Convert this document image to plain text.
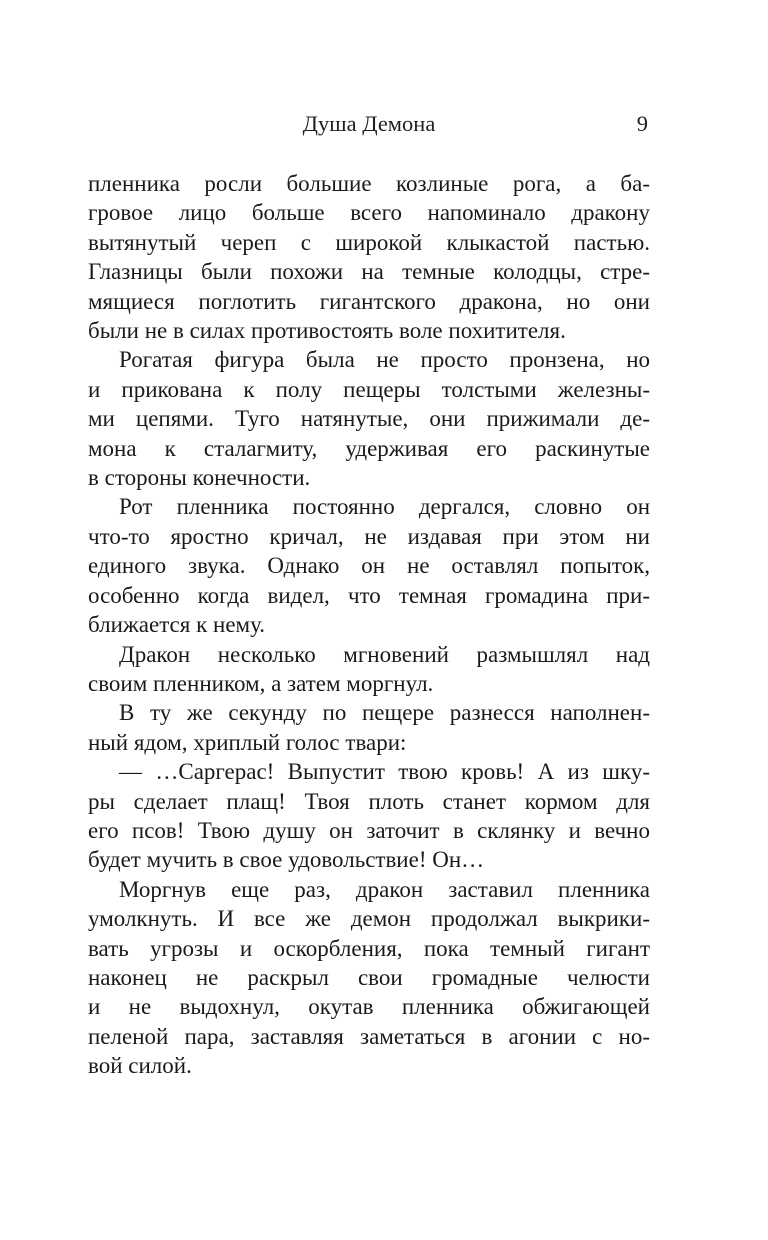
Душа Демона	9
пленника росли большие козлиные рога, а ба-
гровое лицо больше всего напоминало дракону
вытянутый череп с широкой клыкастой пастью.
Глазницы были похожи на темные колодцы, стре-
мящиеся поглотить гигантского дракона, но они
были не в силах противостоять воле похитителя.
Рогатая фигура была не просто пронзена, но
и прикована к полу пещеры толстыми железны-
ми цепями. Туго натянутые, они прижимали де-
мона к сталагмиту, удерживая его раскинутые
в стороны конечности.
Рот пленника постоянно дергался, словно он
что-то яростно кричал, не издавая при этом ни
единого звука. Однако он не оставлял попыток,
особенно когда видел, что темная громадина при-
ближается к нему.
Дракон несколько мгновений размышлял над
своим пленником, а затем моргнул.
В ту же секунду по пещере разнесся наполнен-
ный ядом, хриплый голос твари:
— …Саргерас! Выпустит твою кровь! А из шку-
ры сделает плащ! Твоя плоть станет кормом для
его псов! Твою душу он заточит в склянку и вечно
будет мучить в свое удовольствие! Он…
Моргнув еще раз, дракон заставил пленника
умолкнуть. И все же демон продолжал выкрики-
вать угрозы и оскорбления, пока темный гигант
наконец не раскрыл свои громадные челюсти
и не выдохнул, окутав пленника обжигающей
пеленой пара, заставляя заметаться в агонии с но-
вой силой.
